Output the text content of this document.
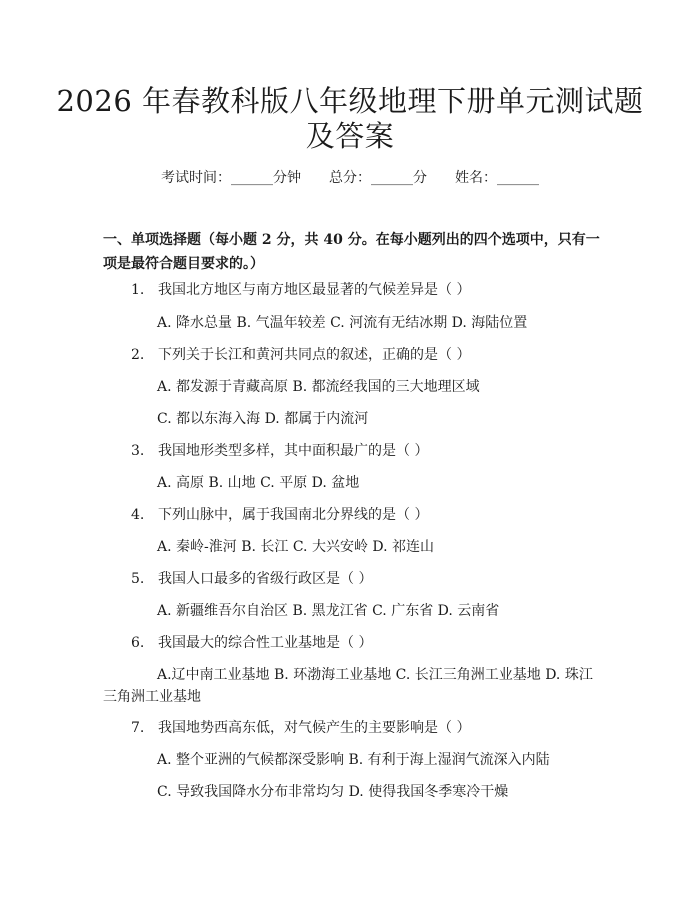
2026 年春教科版八年级地理下册单元测试题
及答案
考试时间：______分钟 总分：______分 姓名：______
一、单项选择题（每小题 2 分，共 40 分。在每小题列出的四个选项中，只有一项是最符合题目要求的。）
1. 我国北方地区与南方地区最显著的气候差异是（ ）
A. 降水总量 B. 气温年较差 C. 河流有无结冰期 D. 海陆位置
2. 下列关于长江和黄河共同点的叙述，正确的是（ ）
A. 都发源于青藏高原 B. 都流经我国的三大地理区域
C. 都以东海入海 D. 都属于内流河
3. 我国地形类型多样，其中面积最广的是（ ）
A. 高原 B. 山地 C. 平原 D. 盆地
4. 下列山脉中，属于我国南北分界线的是（ ）
A. 秦岭-淮河 B. 长江 C. 大兴安岭 D. 祁连山
5. 我国人口最多的省级行政区是（ ）
A. 新疆维吾尔自治区 B. 黑龙江省 C. 广东省 D. 云南省
6. 我国最大的综合性工业基地是（ ）
A.辽中南工业基地 B. 环渤海工业基地 C. 长江三角洲工业基地 D. 珠江
三角洲工业基地
7. 我国地势西高东低，对气候产生的主要影响是（ ）
A. 整个亚洲的气候都深受影响 B. 有利于海上湿润气流深入内陆
C. 导致我国降水分布非常均匀 D. 使得我国冬季寒冷干燥
